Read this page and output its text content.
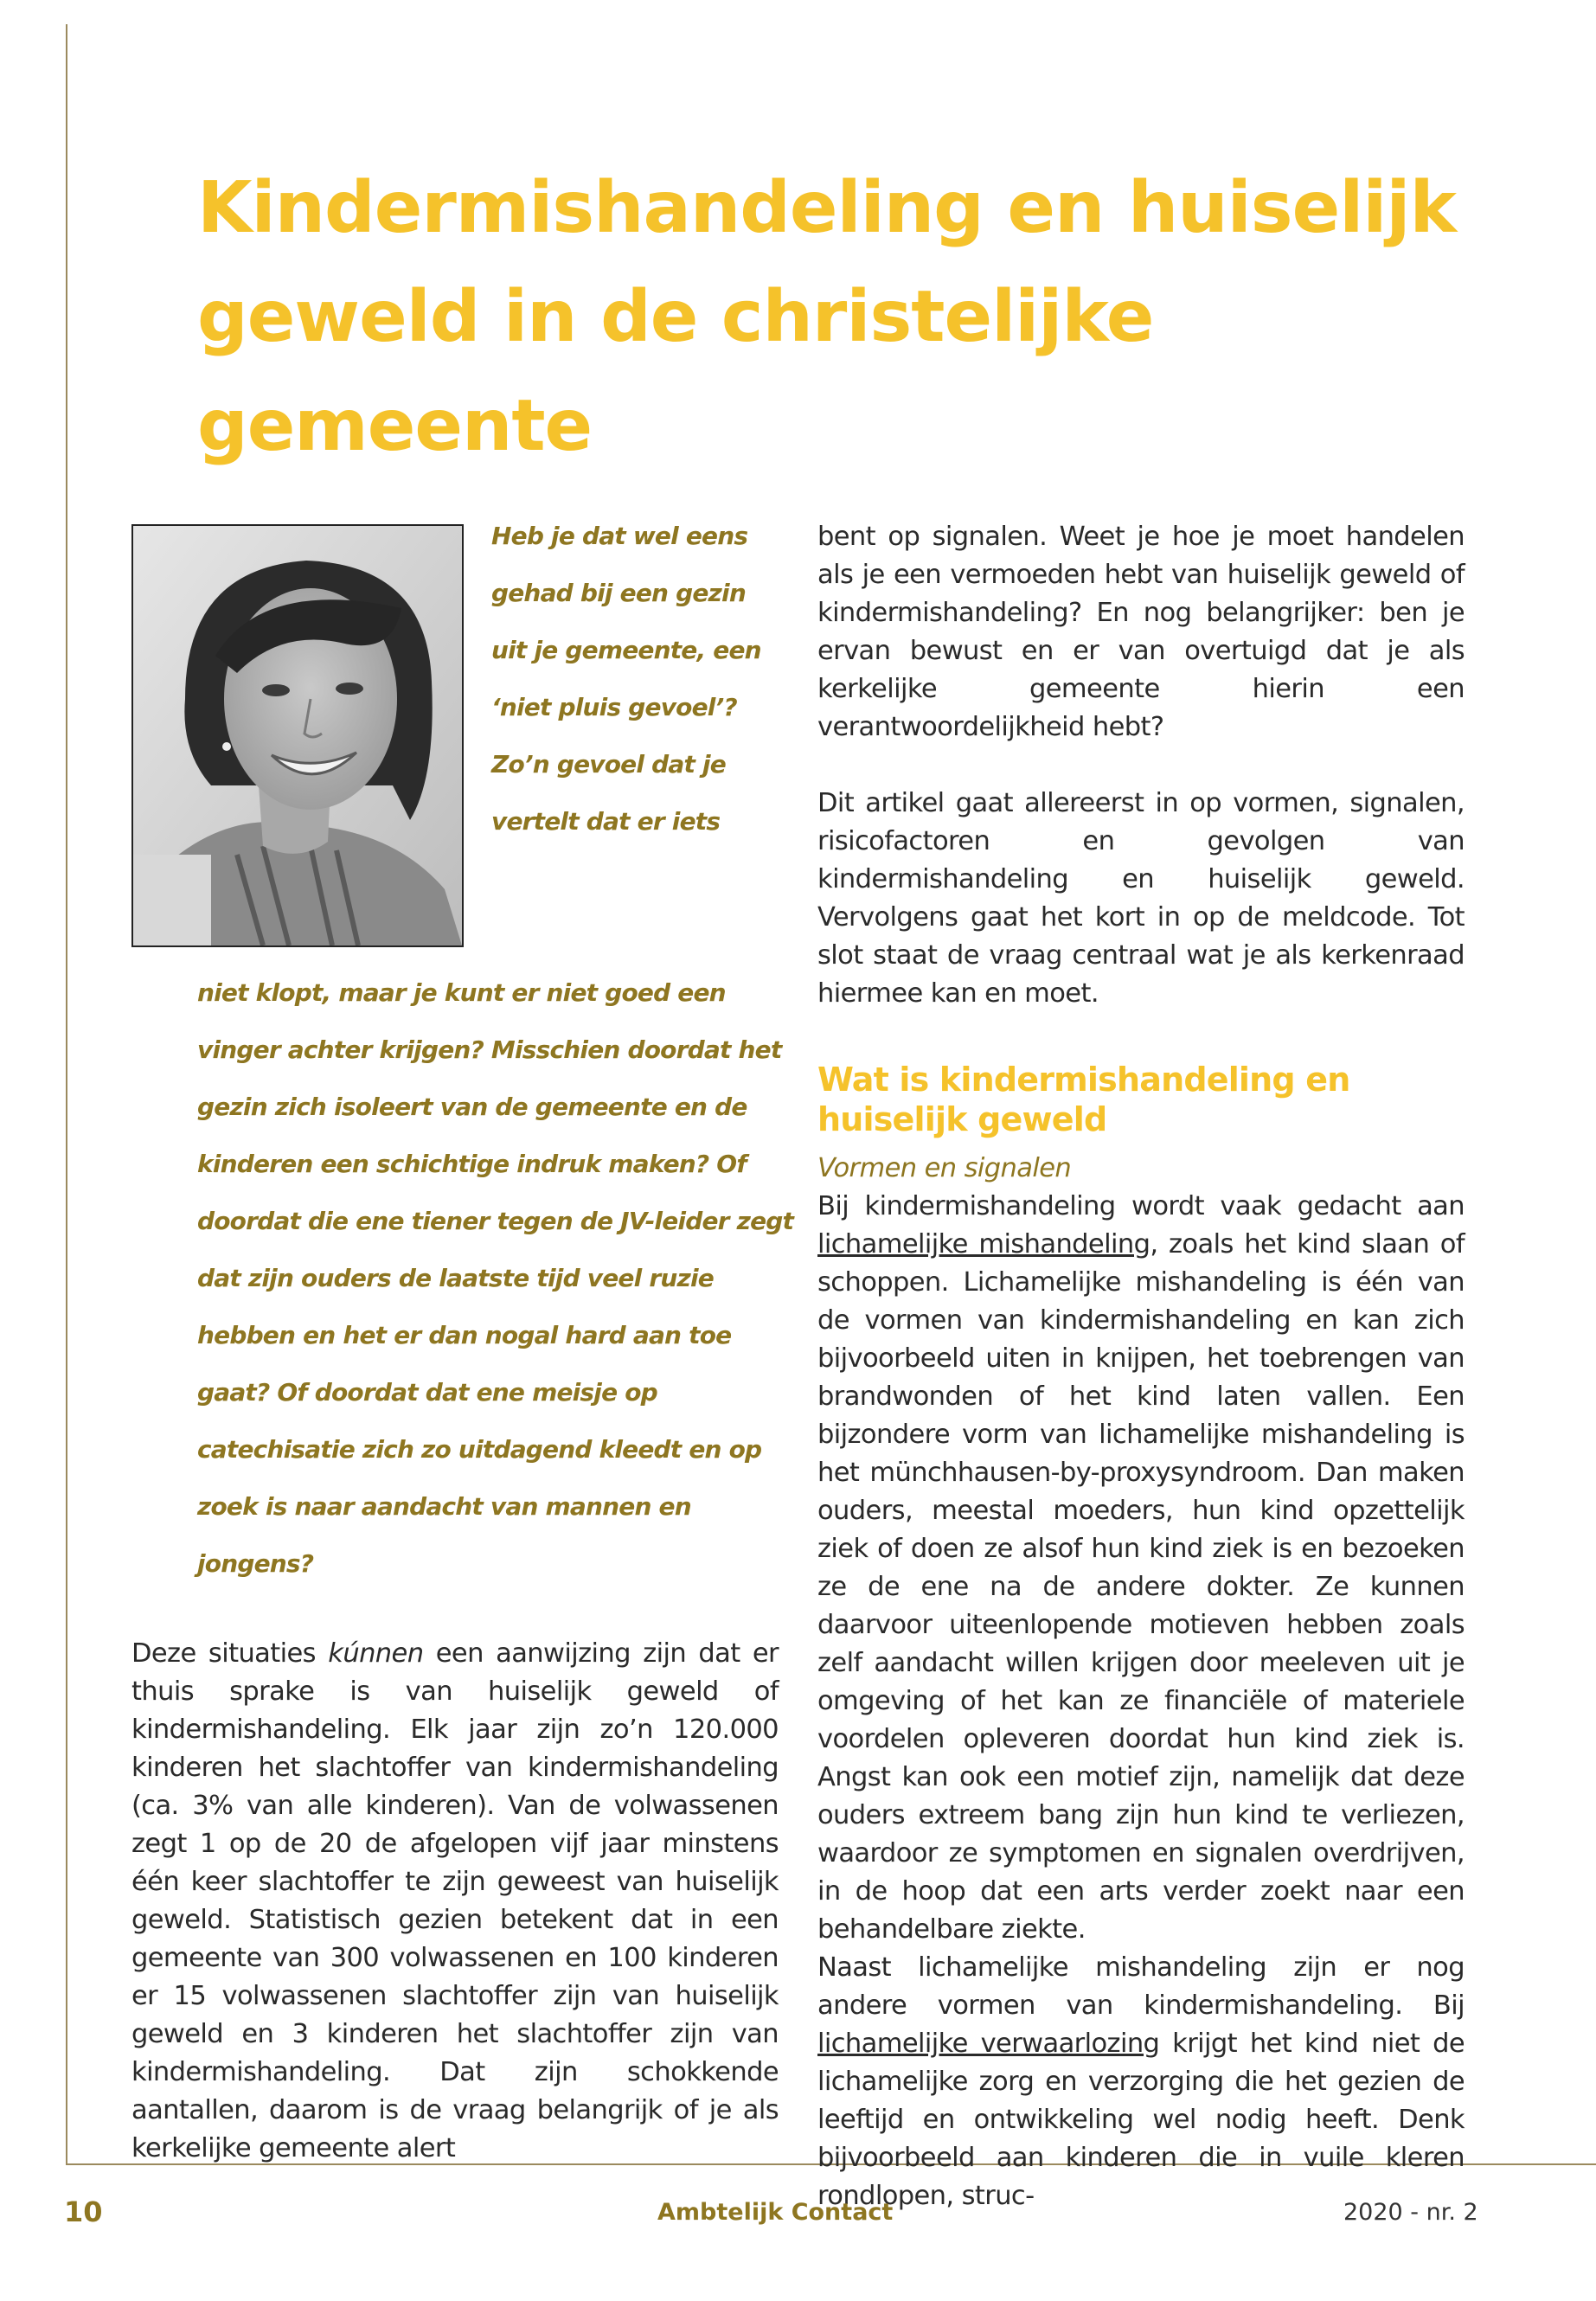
Kindermishandeling en huiselijk geweld in de christelijke gemeente

Heb je dat wel eens gehad bij een gezin uit je gemeente, een ‘niet pluis gevoel’? Zo’n gevoel dat je vertelt dat er iets

niet klopt, maar je kunt er niet goed een vinger achter krijgen? Misschien doordat het gezin zich isoleert van de gemeente en de kinderen een schichtige indruk maken? Of doordat die ene tiener tegen de JV-leider zegt dat zijn ouders de laatste tijd veel ruzie hebben en het er dan nogal hard aan toe gaat? Of doordat dat ene meisje op catechisatie zich zo uitdagend kleedt en op zoek is naar aandacht van mannen en jongens?

Deze situaties kúnnen een aanwijzing zijn dat er thuis sprake is van huiselijk geweld of kindermishandeling. Elk jaar zijn zo’n 120.000 kinderen het slachtoffer van kindermishandeling (ca. 3% van alle kinderen). Van de volwassenen zegt 1 op de 20 de afgelopen vijf jaar minstens één keer slachtoffer te zijn geweest van huiselijk geweld. Statistisch gezien betekent dat in een gemeente van 300 volwassenen en 100 kinderen er 15 volwassenen slachtoffer zijn van huiselijk geweld en 3 kinderen het slachtoffer zijn van kindermishandeling. Dat zijn schokkende aantallen, daarom is de vraag belangrijk of je als kerkelijke gemeente alert

bent op signalen. Weet je hoe je moet handelen als je een vermoeden hebt van huiselijk geweld of kindermishandeling? En nog belangrijker: ben je ervan bewust en er van overtuigd dat je als kerkelijke gemeente hierin een verantwoordelijkheid hebt?

Dit artikel gaat allereerst in op vormen, signalen, risicofactoren en gevolgen van kindermishandeling en huiselijk geweld. Vervolgens gaat het kort in op de meldcode. Tot slot staat de vraag centraal wat je als kerkenraad hiermee kan en moet.

Wat is kindermishandeling en huiselijk geweld

Vormen en signalen

Bij kindermishandeling wordt vaak gedacht aan lichamelijke mishandeling, zoals het kind slaan of schoppen. Lichamelijke mishandeling is één van de vormen van kindermishandeling en kan zich bijvoorbeeld uiten in knijpen, het toebrengen van brandwonden of het kind laten vallen. Een bijzondere vorm van lichamelijke mishandeling is het münchhausen-by-proxysyndroom. Dan maken ouders, meestal moeders, hun kind opzettelijk ziek of doen ze alsof hun kind ziek is en bezoeken ze de ene na de andere dokter. Ze kunnen daarvoor uiteenlopende motieven hebben zoals zelf aandacht willen krijgen door meeleven uit je omgeving of het kan ze financiële of materiele voordelen opleveren doordat hun kind ziek is. Angst kan ook een motief zijn, namelijk dat deze ouders extreem bang zijn hun kind te verliezen, waardoor ze symptomen en signalen overdrijven, in de hoop dat een arts verder zoekt naar een behandelbare ziekte.

Naast lichamelijke mishandeling zijn er nog andere vormen van kindermishandeling. Bij lichamelijke verwaarlozing krijgt het kind niet de lichamelijke zorg en verzorging die het gezien de leeftijd en ontwikkeling wel nodig heeft. Denk bijvoorbeeld aan kinderen die in vuile kleren rondlopen, struc-

10	Ambtelijk Contact	2020 - nr. 2
